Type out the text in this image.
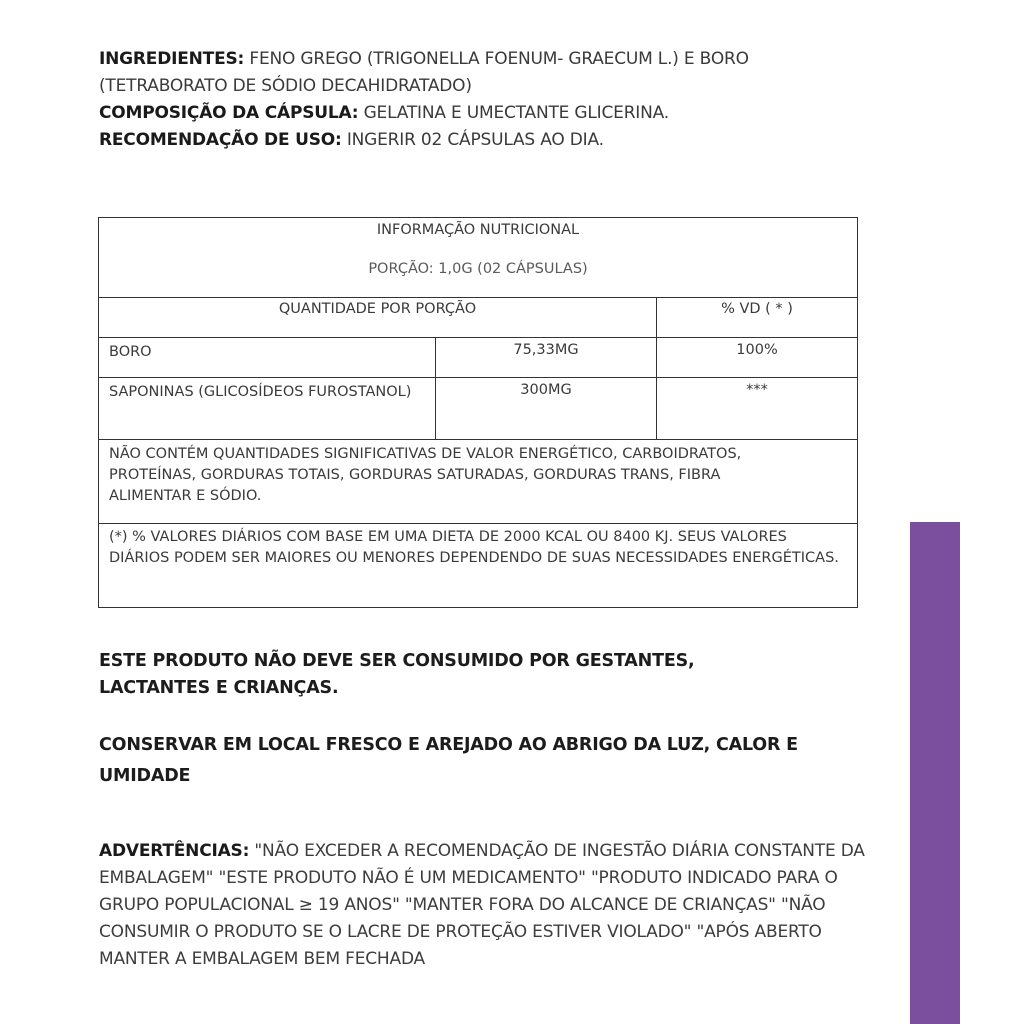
INGREDIENTES: FENO GREGO (TRIGONELLA FOENUM- GRAECUM L.) E BORO (TETRABORATO DE SÓDIO DECAHIDRATADO)

COMPOSIÇÃO DA CÁPSULA: GELATINA E UMECTANTE GLICERINA.

RECOMENDAÇÃO DE USO: INGERIR 02 CÁPSULAS AO DIA.

INFORMAÇÃO NUTRICIONAL
PORÇÃO: 1,0G (02 CÁPSULAS)
QUANTIDADE POR PORÇÃO	% VD ( * )
BORO	75,33MG	100%
SAPONINAS (GLICOSÍDEOS FUROSTANOL)	300MG	***
NÃO CONTÉM QUANTIDADES SIGNIFICATIVAS DE VALOR ENERGÉTICO, CARBOIDRATOS, PROTEÍNAS, GORDURAS TOTAIS, GORDURAS SATURADAS, GORDURAS TRANS, FIBRA ALIMENTAR E SÓDIO.
(*) % VALORES DIÁRIOS COM BASE EM UMA DIETA DE 2000 KCAL OU 8400 KJ. SEUS VALORES DIÁRIOS PODEM SER MAIORES OU MENORES DEPENDENDO DE SUAS NECESSIDADES ENERGÉTICAS.

ESTE PRODUTO NÃO DEVE SER CONSUMIDO POR GESTANTES, LACTANTES E CRIANÇAS.

CONSERVAR EM LOCAL FRESCO E AREJADO AO ABRIGO DA LUZ, CALOR E UMIDADE

ADVERTÊNCIAS: "NÃO EXCEDER A RECOMENDAÇÃO DE INGESTÃO DIÁRIA CONSTANTE DA EMBALAGEM" "ESTE PRODUTO NÃO É UM MEDICAMENTO" "PRODUTO INDICADO PARA O GRUPO POPULACIONAL ≥ 19 ANOS" "MANTER FORA DO ALCANCE DE CRIANÇAS" "NÃO CONSUMIR O PRODUTO SE O LACRE DE PROTEÇÃO ESTIVER VIOLADO" "APÓS ABERTO MANTER A EMBALAGEM BEM FECHADA
